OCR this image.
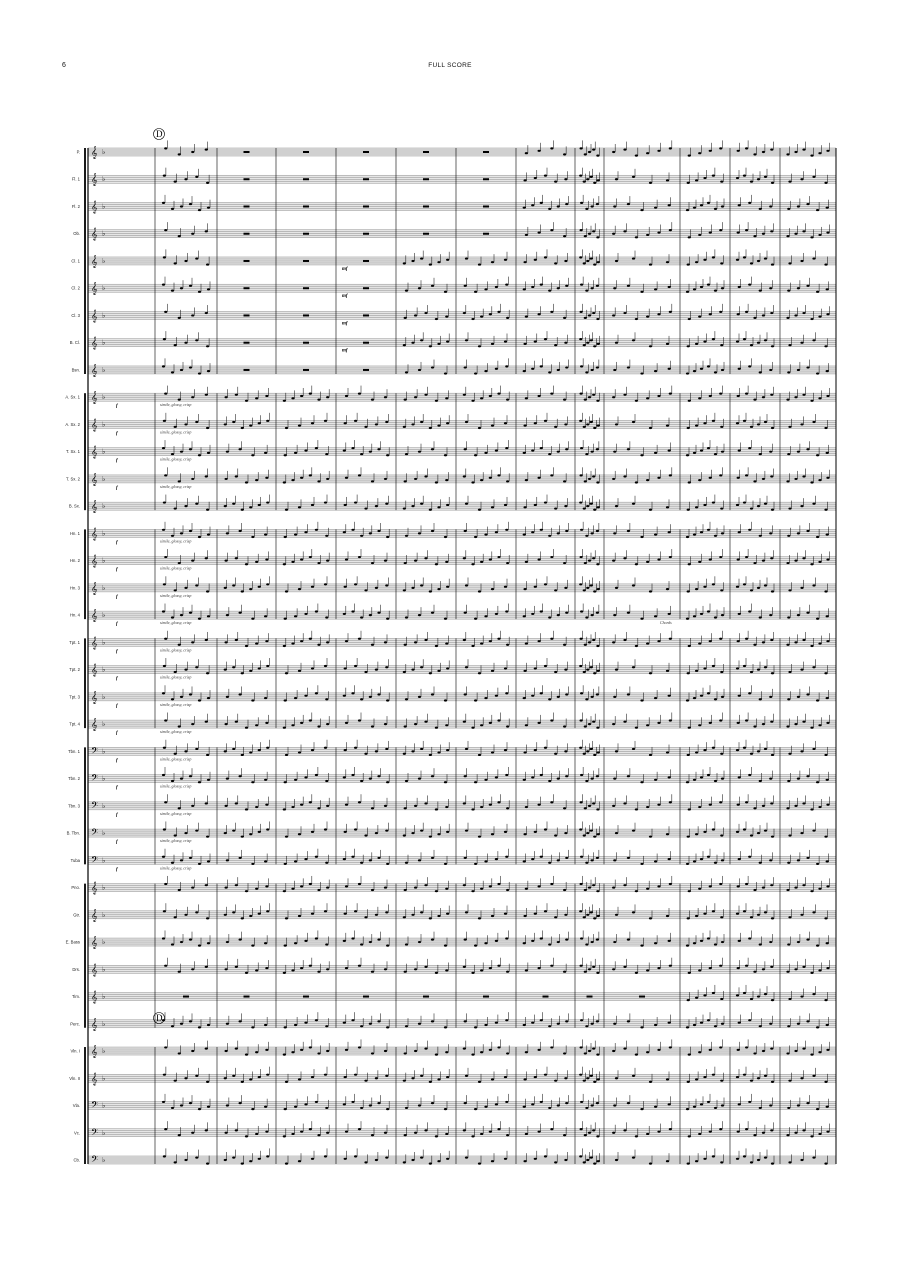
6	FULL SCORE
𝄞 ♭
𝄞 ♭
𝄞 ♭
𝄞 ♭
𝄞 ♭
𝄞 ♭
𝄞 ♭
𝄞 ♭
𝄞 ♭
𝄞 ♭
𝄞 ♭
𝄞 ♭
𝄞 ♭
𝄞 ♭
𝄞 ♭
𝄞 ♭
𝄞 ♭
𝄞 ♭
𝄞 ♭
𝄞 ♭
𝄞 ♭
𝄞 ♭
𝄢 ♭
𝄢 ♭
𝄢 ♭
𝄢 ♭
𝄢 ♭
𝄞 ♭
𝄞 ♭
𝄞 ♭
𝄞 ♭
𝄞 ♭
𝄞 ♭
𝄞 ♭
𝄞 ♭
𝄢 ♭
𝄢 ♭
𝄢 ♭
simile, glossy, crisp
f
simile, glossy, crisp
f
simile, glossy, crisp
f
simile, glossy, crisp
f
simile, glossy, crisp
f
simile, glossy, crisp
f
simile, glossy, crisp
f
simile, glossy, crisp
f
simile, glossy, crisp
f
simile, glossy, crisp
f
simile, glossy, crisp
f
simile, glossy, crisp
f
simile, glossy, crisp
f
simile, glossy, crisp
f
simile, glossy, crisp
f
simile, glossy, crisp
f
simile, glossy, crisp
f
mf
mf
mf
mf
Chords
P.
Fl. 1
Fl. 2
Ob.
Cl. 1
Cl. 2
Cl. 3
B. Cl.
Bsn.
A. Sx. 1
A. Sx. 2
T. Sx. 1
T. Sx. 2
B. Sx.
Hn. 1
Hn. 2
Hn. 3
Hn. 4
Tpt. 1
Tpt. 2
Tpt. 3
Tpt. 4
Tbn. 1
Tbn. 2
Tbn. 3
B. Tbn.
Tuba
Pno.
Gtr.
E. Bass
Drs.
Tim.
Perc.
Vln. I
Vln. II
Vla.
Vc.
Cb.
D
D
